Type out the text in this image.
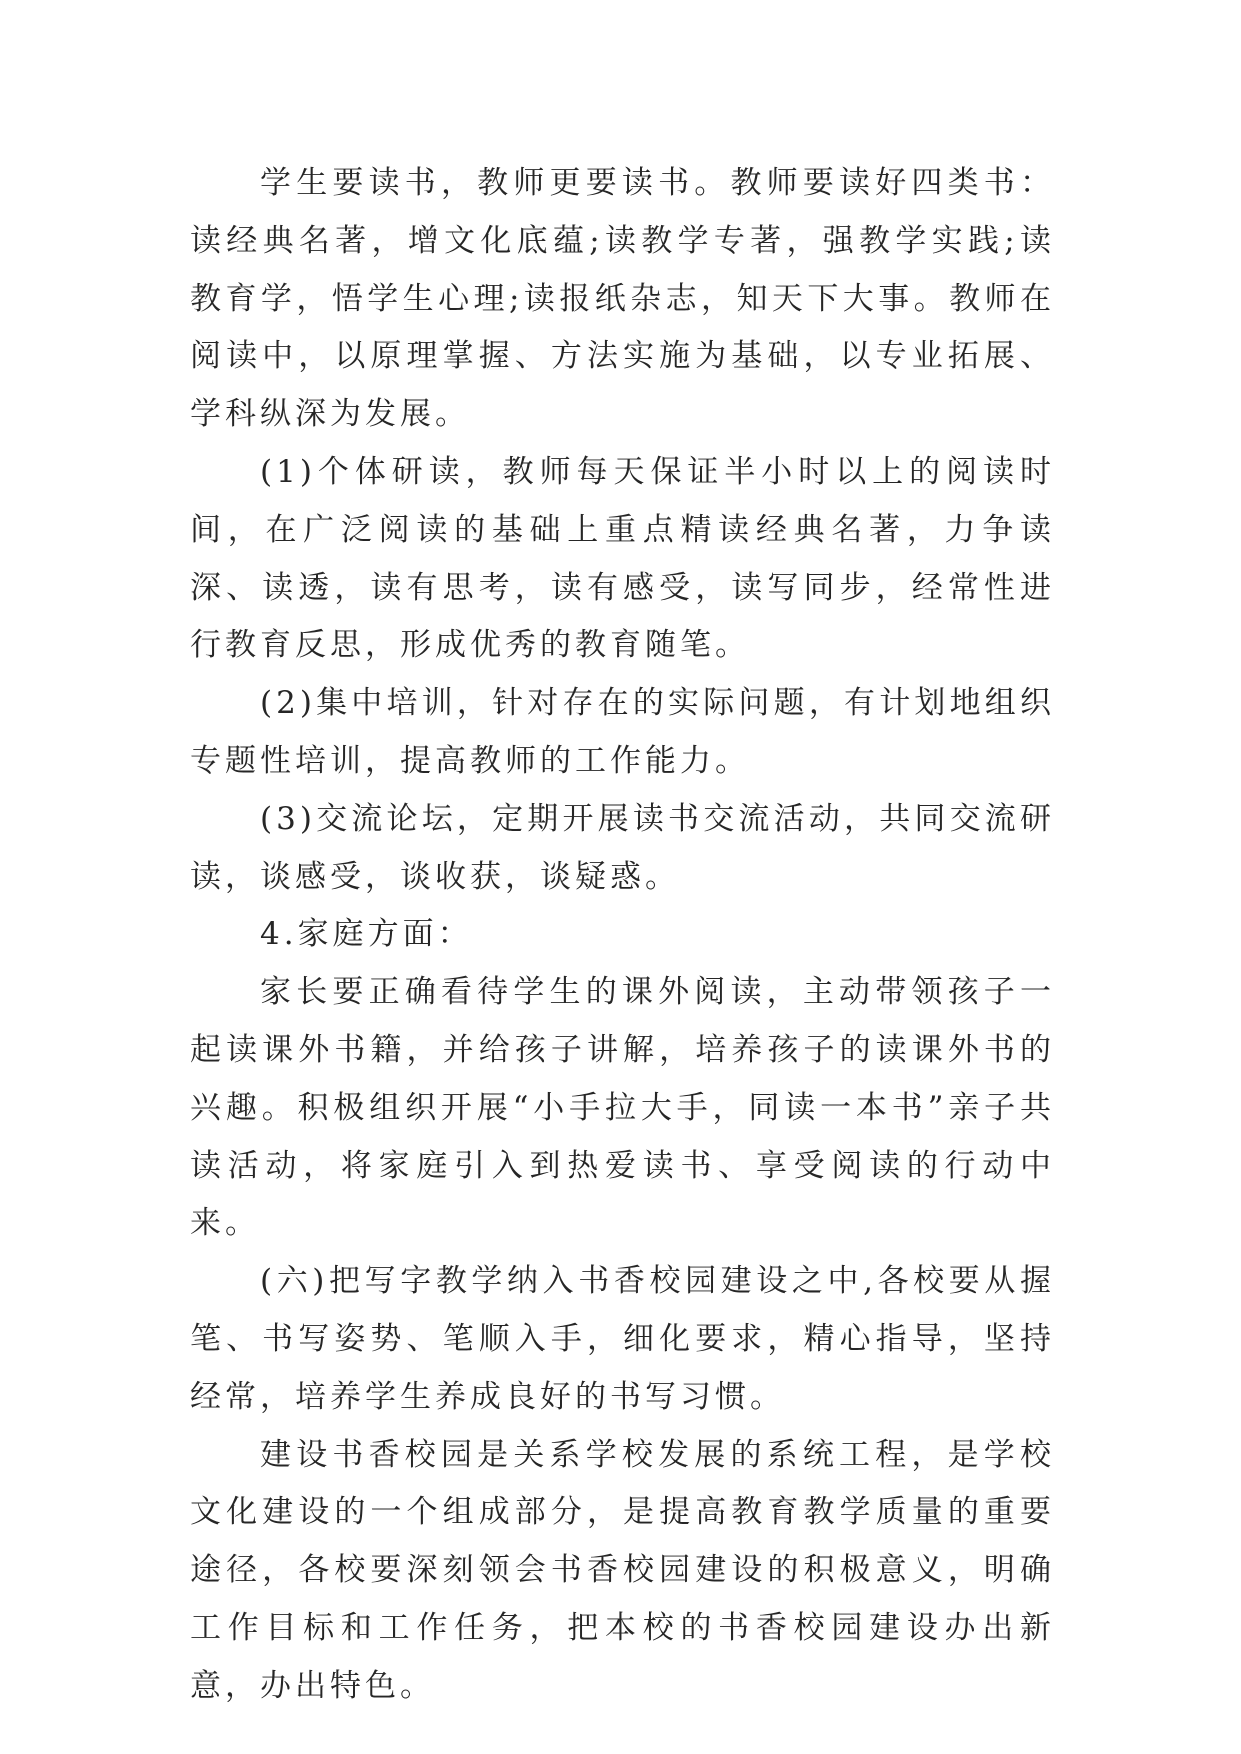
学生要读书，教师更要读书。教师要读好四类书：读经典名著，增文化底蕴;读教学专著，强教学实践;读教育学，悟学生心理;读报纸杂志，知天下大事。教师在阅读中，以原理掌握、方法实施为基础，以专业拓展、学科纵深为发展。

(1)个体研读，教师每天保证半小时以上的阅读时间，在广泛阅读的基础上重点精读经典名著，力争读深、读透，读有思考，读有感受，读写同步，经常性进行教育反思，形成优秀的教育随笔。

(2)集中培训，针对存在的实际问题，有计划地组织专题性培训，提高教师的工作能力。

(3)交流论坛，定期开展读书交流活动，共同交流研读，谈感受，谈收获，谈疑惑。

4.家庭方面：

家长要正确看待学生的课外阅读，主动带领孩子一起读课外书籍，并给孩子讲解，培养孩子的读课外书的兴趣。积极组织开展“小手拉大手，同读一本书”亲子共读活动，将家庭引入到热爱读书、享受阅读的行动中来。

(六)把写字教学纳入书香校园建设之中,各校要从握笔、书写姿势、笔顺入手，细化要求，精心指导，坚持经常，培养学生养成良好的书写习惯。

建设书香校园是关系学校发展的系统工程，是学校文化建设的一个组成部分，是提高教育教学质量的重要途径，各校要深刻领会书香校园建设的积极意义，明确工作目标和工作任务，把本校的书香校园建设办出新意，办出特色。
